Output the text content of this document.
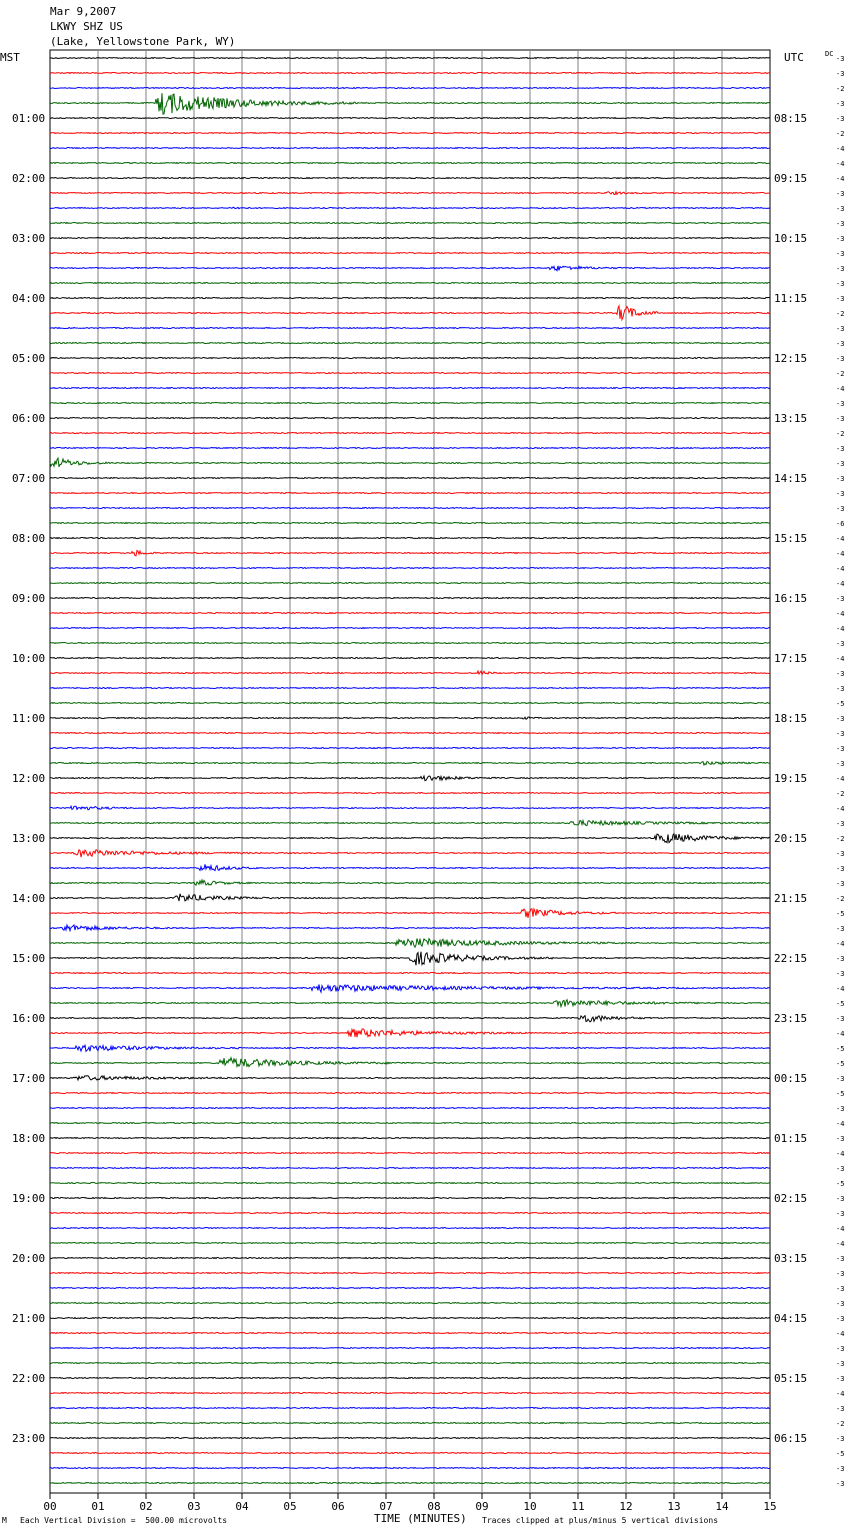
Mar 9,2007
LKWY SHZ US
(Lake, Yellowstone Park, WY)
MST	UTC	DC
01:00
02:00
03:00
04:00
05:00
06:00
07:00
08:00
09:00
10:00
11:00
12:00
13:00
14:00
15:00
16:00
17:00
18:00
19:00
20:00
21:00
22:00
23:00
08:15
09:15
10:15
11:15
12:15
13:15
14:15
15:15
16:15
17:15
18:15
19:15
20:15
21:15
22:15
23:15
00:15
01:15
02:15
03:15
04:15
05:15
06:15
-3
-3
-2
-3
-3
-2
-4
-4
-4
-3
-3
-3
-3
-3
-3
-3
-3
-2
-3
-3
-3
-2
-4
-3
-3
-2
-3
-3
-3
-3
-3
-6
-4
-4
-4
-4
-3
-4
-4
-3
-4
-3
-3
-5
-3
-3
-3
-3
-4
-2
-4
-3
-2
-3
-3
-3
-2
-5
-3
-4
-3
-3
-4
-5
-3
-4
-5
-5
-3
-5
-3
-4
-3
-4
-3
-5
-3
-3
-4
-4
-3
-3
-3
-3
-3
-4
-3
-3
-3
-4
-3
-2
-3
-5
-3
-3
00	01	02	03	04	05	06	07	08	09	10	11	12	13	14	15
M Each Vertical Division =  500.00 microvolts	TIME (MINUTES) Traces clipped at plus/minus 5 vertical divisions
